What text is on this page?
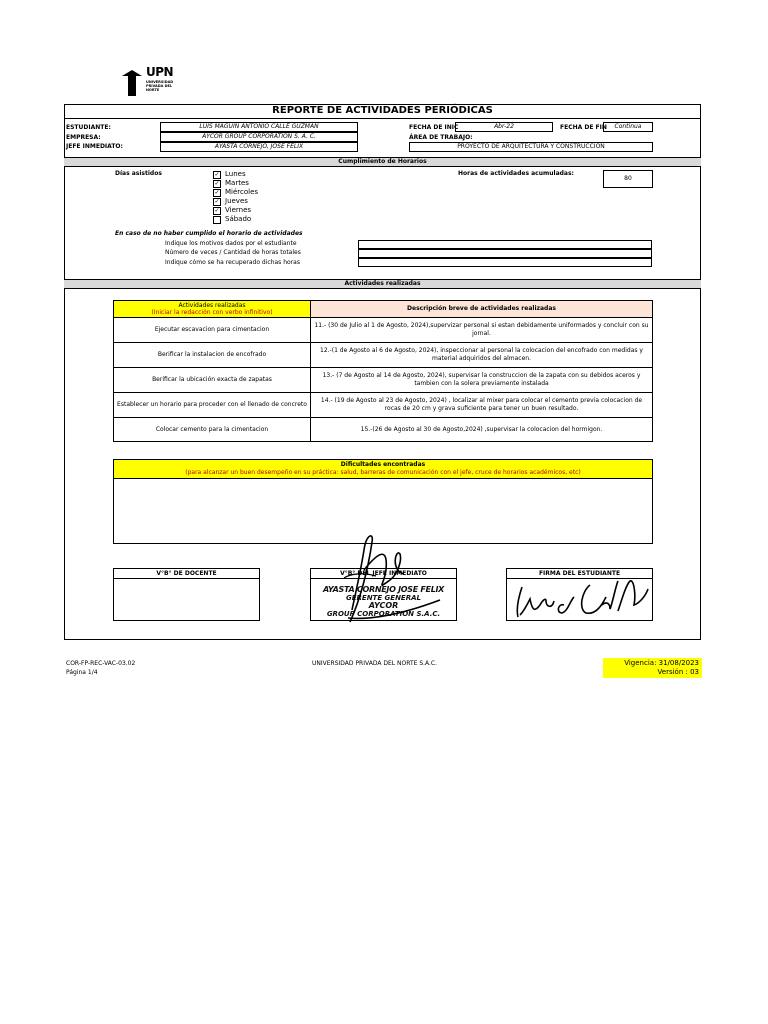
UPN
UNIVERSIDAD PRIVADA DEL NORTE
REPORTE DE ACTIVIDADES PERIÓDICAS
ESTUDIANTE:	LUIS MAGUIN ANTONIO CALLE GUZMAN
EMPRESA:	AYCOR GROUP CORPORATION S. A. C.
JEFE INMEDIATO:	AYASTA CORNEJO, JOSE FELIX
FECHA DE INIC	Abr-22	FECHA DE FIN	Continua
ÁREA DE TRABAJO:
PROYECTO DE ARQUITECTURA Y CONSTRUCCIÓN
Cumplimiento de Horarios
Días asistidos	✓ Lunes
✓ Martes
✓ Miércoles
✓ Jueves
✓ Viernes
Sábado
Horas de actividades acumuladas:
80
En caso de no haber cumplido el horario de actividades
Indique los motivos dados por el estudiante
Número de veces / Cantidad de horas totales
Indique cómo se ha recuperado dichas horas
Actividades realizadas
Actividades realizadas
(Iniciar la redacción con verbo infinitivo)	Descripción breve de actividades realizadas
Ejecutar escavacion para cimentacion	11.- (30 de Julio al 1 de Agosto, 2024),supervizar personal si estan debidamente uniformados y concluir con su jornal.
Berificar la instalacion de encofrado	12.-(1 de Agosto al 6 de Agosto, 2024), inspeccionar al personal la colocacion del encofrado con medidas y material adquiridos del almacen.
Berificar la ubicación exacta de zapatas	13.- (7 de Agosto al 14 de Agosto, 2024), supervisar la construccion de la zapata con su debidos aceros y tambien con la solera previamente instalada
Establecer un horario para proceder con el llenado de concreto	14.- (19 de Agosto al 23 de Agosto, 2024) , localizar al mixer para colocar el cemento previa colocacion de rocas de 20 cm y grava suficiente para tener un buen resultado.
Colocar cemento para la cimentacion	15.-(26 de Agosto al 30 de Agosto,2024) ,supervisar la colocacion del hormigon.
Dificultades encontradas
(para alcanzar un buen desempeño en su práctica: salud, barreras de comunicación con el jefe, cruce de horarios académicos, etc)
V°B° DE DOCENTE	V°B° DEL JEFE INMEDIATO	FIRMA DEL ESTUDIANTE
AYASTA CORNEJO JOSE FELIX
GERENTE GENERAL
AYCOR
GROUP CORPORATION S.A.C.
COR-FP-REC-VAC-03.02
Página 1/4
UNIVERSIDAD PRIVADA DEL NORTE S.A.C.	Vigencia: 31/08/2023
Versión : 03
